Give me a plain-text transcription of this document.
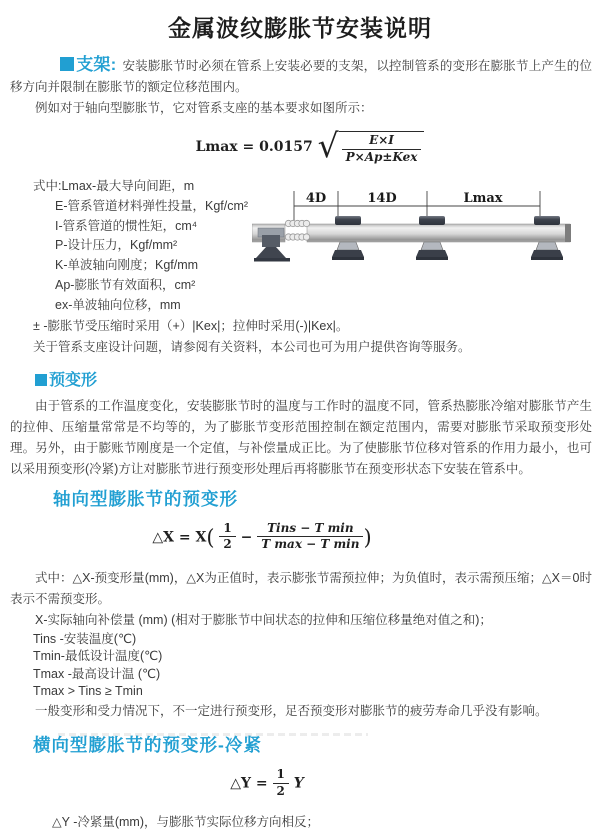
金属波纹膨胀节安装说明

支架: 安装膨胀节时必须在管系上安装必要的支架，以控制管系的变形在膨胀节上产生的位移方向并限制在膨胀节的额定位移范围内。

例如对于轴向型膨胀节，它对管系支座的基本要求如图所示：

Lmax = 0.0157 √ $\frac{E\times I}{\text{P×Ap±Kex}}$
式中:Lmax-最大导向间距，m
E-管系管道材料弹性投量，Kgf/cm²
I-管系管道的惯性矩，cm⁴
P-设计压力，Kgf/mm²
K-单波轴向刚度；Kgf/mm
Ap-膨胀节有效面积，cm²
ex-单波轴向位移，mm
4D	14D	Lmax

± -膨胀节受压缩时采用（+）|Kex|；拉伸时采用(-)|Kex|。

关于管系支座设计问题，请参阅有关资料，本公司也可为用户提供咨询等服务。

预变形

由于管系的工作温度变化，安装膨胀节时的温度与工作时的温度不同，管系热膨胀冷缩对膨胀节产生的拉伸、压缩量常常是不均等的，为了膨胀节变形范围控制在额定范围内，需要对膨胀节采取预变形处理。另外，由于膨账节刚度是一个定值，与补偿量成正比。为了使膨胀节位移对管系的作用力最小，也可以采用预变形(冷紧)方让对膨胀节进行预变形处理后再将膨胀节在预变形状态下安装在管系中。

轴向型膨胀节的预变形
△X = $X( \frac{1}{2} - \frac{\text{Tins − T min}}{\text{T max − T min}}$ )

式中：△X-预变形量(mm)，△X为正值时，表示膨张节需预拉伸；为负值时，表示需预压缩；△X＝0时表示不需预变形。

X-实际轴向补偿量 (mm) (相对于膨胀节中间状态的拉伸和压缩位移量绝对值之和)；

Tins -安装温度(℃)
Tmin-最低设计温度(℃)
Tmax -最高设计温 (℃)
Tmax > Tins ≥ Tmin

一般变形和受力情况下，不一定进行预变形，足否预变形对膨胀节的疲劳寿命几乎没有影响。

横向型膨胀节的预变形-冷紧
△Y = $\frac{1}{2}$ Y
△Y -冷紧量(mm)，与膨胀节实际位移方向相反；
